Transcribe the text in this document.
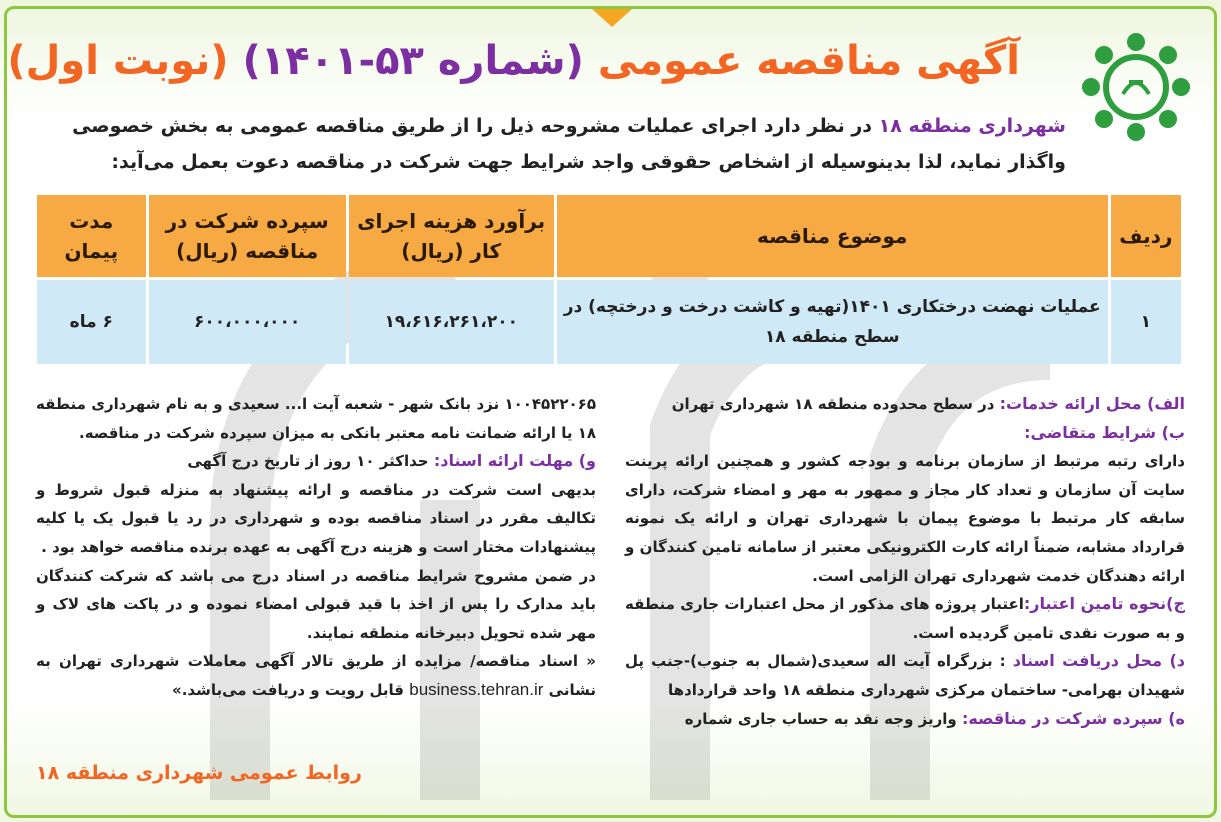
آگهی مناقصه عمومی (شماره ۵۳-۱۴۰۱) (نوبت اول)
شهرداری منطقه ۱۸ در نظر دارد اجرای عملیات مشروحه ذیل را از طریق مناقصه عمومی به بخش خصوصی
واگذار نماید، لذا بدینوسیله از اشخاص حقوقی واجد شرایط جهت شرکت در مناقصه دعوت بعمل می‌آید:
ردیف	موضوع مناقصه	برآورد هزینه اجرای کار (ریال)	سپرده شرکت در مناقصه (ریال)	مدت پیمان
۱	عملیات نهضت درختکاری ۱۴۰۱(تهیه و کاشت درخت و درختچه) در سطح منطقه ۱۸	۱۹،۶۱۶،۲۶۱،۲۰۰	۶۰۰،۰۰۰،۰۰۰	۶ ماه
الف) محل ارائه خدمات: در سطح محدوده منطقه ۱۸ شهرداری تهران
ب) شرایط متقاضی:
دارای رتبه مرتبط از سازمان برنامه و بودجه کشور و همچنین ارائه پرینت سایت آن سازمان و تعداد کار مجاز و ممهور به مهر و امضاء شرکت، دارای سابقه کار مرتبط با موضوع پیمان با شهرداری تهران و ارائه یک نمونه قرارداد مشابه، ضمناً ارائه کارت الکترونیکی معتبر از سامانه تامین کنندگان و ارائه دهندگان خدمت شهرداری تهران الزامی است.
ج)نحوه تامین اعتبار:اعتبار پروژه های مذکور از محل اعتبارات جاری منطقه و به صورت نقدی تامین گردیده است.
د) محل دریافت اسناد : بزرگراه آیت اله سعیدی(شمال به جنوب)-جنب پل شهیدان بهرامی- ساختمان مرکزی شهرداری منطقه ۱۸ واحد قراردادها
ه) سپرده شرکت در مناقصه: واریز وجه نقد به حساب جاری شماره
۱۰۰۴۵۲۲۰۶۵ نزد بانک شهر - شعبه آیت ا... سعیدی و به نام شهرداری منطقه ۱۸ یا ارائه ضمانت نامه معتبر بانکی به میزان سپرده شرکت در مناقصه.
و) مهلت ارائه اسناد: حداکثر ۱۰ روز از تاریخ درج آگهی
بدیهی است شرکت در مناقصه و ارائه پیشنهاد به منزله قبول شروط و تکالیف مقرر در اسناد مناقصه بوده و شهرداری در رد یا قبول یک یا کلیه پیشنهادات مختار است و هزینه درج آگهی به عهده برنده مناقصه خواهد بود .
در ضمن مشروح شرایط مناقصه در اسناد درج می باشد که شرکت کنندگان باید مدارک را پس از اخذ با قید قبولی امضاء نموده و در پاکت های لاک و مهر شده تحویل دبیرخانه منطقه نمایند.
« اسناد مناقصه/ مزایده از طریق تالار آگهی معاملات شهرداری تهران به نشانی business.tehran.ir قابل رویت و دریافت می‌باشد.»
روابط عمومی شهرداری منطقه ۱۸
